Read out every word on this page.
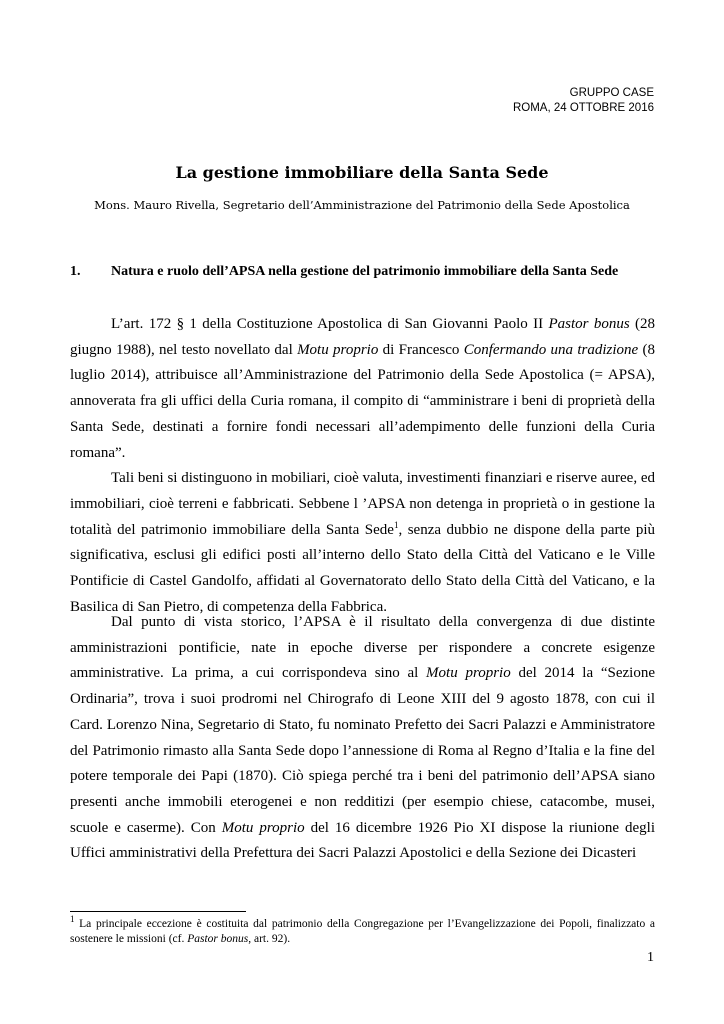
GRUPPO CASE
ROMA, 24 OTTOBRE 2016
La gestione immobiliare della Santa Sede
Mons. Mauro Rivella, Segretario dell’Amministrazione del Patrimonio della Sede Apostolica
1. Natura e ruolo dell’APSA nella gestione del patrimonio immobiliare della Santa Sede

L’art. 172 § 1 della Costituzione Apostolica di San Giovanni Paolo II Pastor bonus (28 giugno 1988), nel testo novellato dal Motu proprio di Francesco Confermando una tradizione (8 luglio 2014), attribuisce all’Amministrazione del Patrimonio della Sede Apostolica (= APSA), annoverata fra gli uffici della Curia romana, il compito di “amministrare i beni di proprietà della Santa Sede, destinati a fornire fondi necessari all’adempimento delle funzioni della Curia romana”.

Tali beni si distinguono in mobiliari, cioè valuta, investimenti finanziari e riserve auree, ed immobiliari, cioè terreni e fabbricati. Sebbene l ’APSA non detenga in proprietà o in gestione la totalità del patrimonio immobiliare della Santa Sede$^1$, senza dubbio ne dispone della parte più significativa, esclusi gli edifici posti all’interno dello Stato della Città del Vaticano e le Ville Pontificie di Castel Gandolfo, affidati al Governatorato dello Stato della Città del Vaticano, e la Basilica di San Pietro, di competenza della Fabbrica.

Dal punto di vista storico, l’APSA è il risultato della convergenza di due distinte amministrazioni pontificie, nate in epoche diverse per rispondere a concrete esigenze amministrative. La prima, a cui corrispondeva sino al Motu proprio del 2014 la “Sezione Ordinaria”, trova i suoi prodromi nel Chirografo di Leone XIII del 9 agosto 1878, con cui il Card. Lorenzo Nina, Segretario di Stato, fu nominato Prefetto dei Sacri Palazzi e Amministratore del Patrimonio rimasto alla Santa Sede dopo l’annessione di Roma al Regno d’Italia e la fine del potere temporale dei Papi (1870). Ciò spiega perché tra i beni del patrimonio dell’APSA siano presenti anche immobili eterogenei e non redditizi (per esempio chiese, catacombe, musei, scuole e caserme). Con Motu proprio del 16 dicembre 1926 Pio XI dispose la riunione degli Uffici amministrativi della Prefettura dei Sacri Palazzi Apostolici e della Sezione dei Dicasteri

$^1$ La principale eccezione è costituita dal patrimonio della Congregazione per l’Evangelizzazione dei Popoli, finalizzato a sostenere le missioni (cf. Pastor bonus, art. 92).
1
